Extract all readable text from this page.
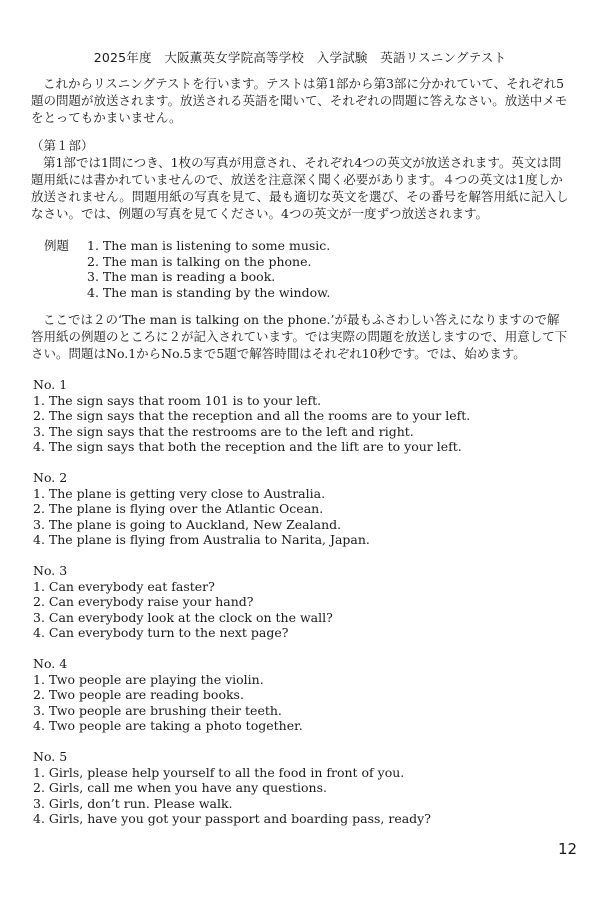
2025年度　大阪薫英女学院高等学校　入学試験　英語リスニングテスト

これからリスニングテストを行います。テストは第1部から第3部に分かれていて、それぞれ5題の問題が放送されます。放送される英語を聞いて、それぞれの問題に答えなさい。放送中メモをとってもかまいません。

（第１部）

第1部では1問につき、1枚の写真が用意され、それぞれ4つの英文が放送されます。英文は問題用紙には書かれていませんので、放送を注意深く聞く必要があります。４つの英文は1度しか放送されません。問題用紙の写真を見て、最も適切な英文を選び、その番号を解答用紙に記入しなさい。では、例題の写真を見てください。4つの英文が一度ずつ放送されます。

例題 1. The man is listening to some music.
2. The man is talking on the phone.
3. The man is reading a book.
4. The man is standing by the window.

ここでは２の‘The man is talking on the phone.’が最もふさわしい答えになりますので解答用紙の例題のところに２が記入されています。では実際の問題を放送しますので、用意して下さい。問題はNo.1からNo.5まで5題で解答時間はそれぞれ10秒です。では、始めます。

No. 1

1. The sign says that room 101 is to your left.
2. The sign says that the reception and all the rooms are to your left.
3. The sign says that the restrooms are to the left and right.
4. The sign says that both the reception and the lift are to your left.

No. 2

1. The plane is getting very close to Australia.
2. The plane is flying over the Atlantic Ocean.
3. The plane is going to Auckland, New Zealand.
4. The plane is flying from Australia to Narita, Japan.

No. 3

1. Can everybody eat faster?
2. Can everybody raise your hand?
3. Can everybody look at the clock on the wall?
4. Can everybody turn to the next page?

No. 4

1. Two people are playing the violin.
2. Two people are reading books.
3. Two people are brushing their teeth.
4. Two people are taking a photo together.

No. 5

1. Girls, please help yourself to all the food in front of you.
2. Girls, call me when you have any questions.
3. Girls, don’t run. Please walk.
4. Girls, have you got your passport and boarding pass, ready?
12
